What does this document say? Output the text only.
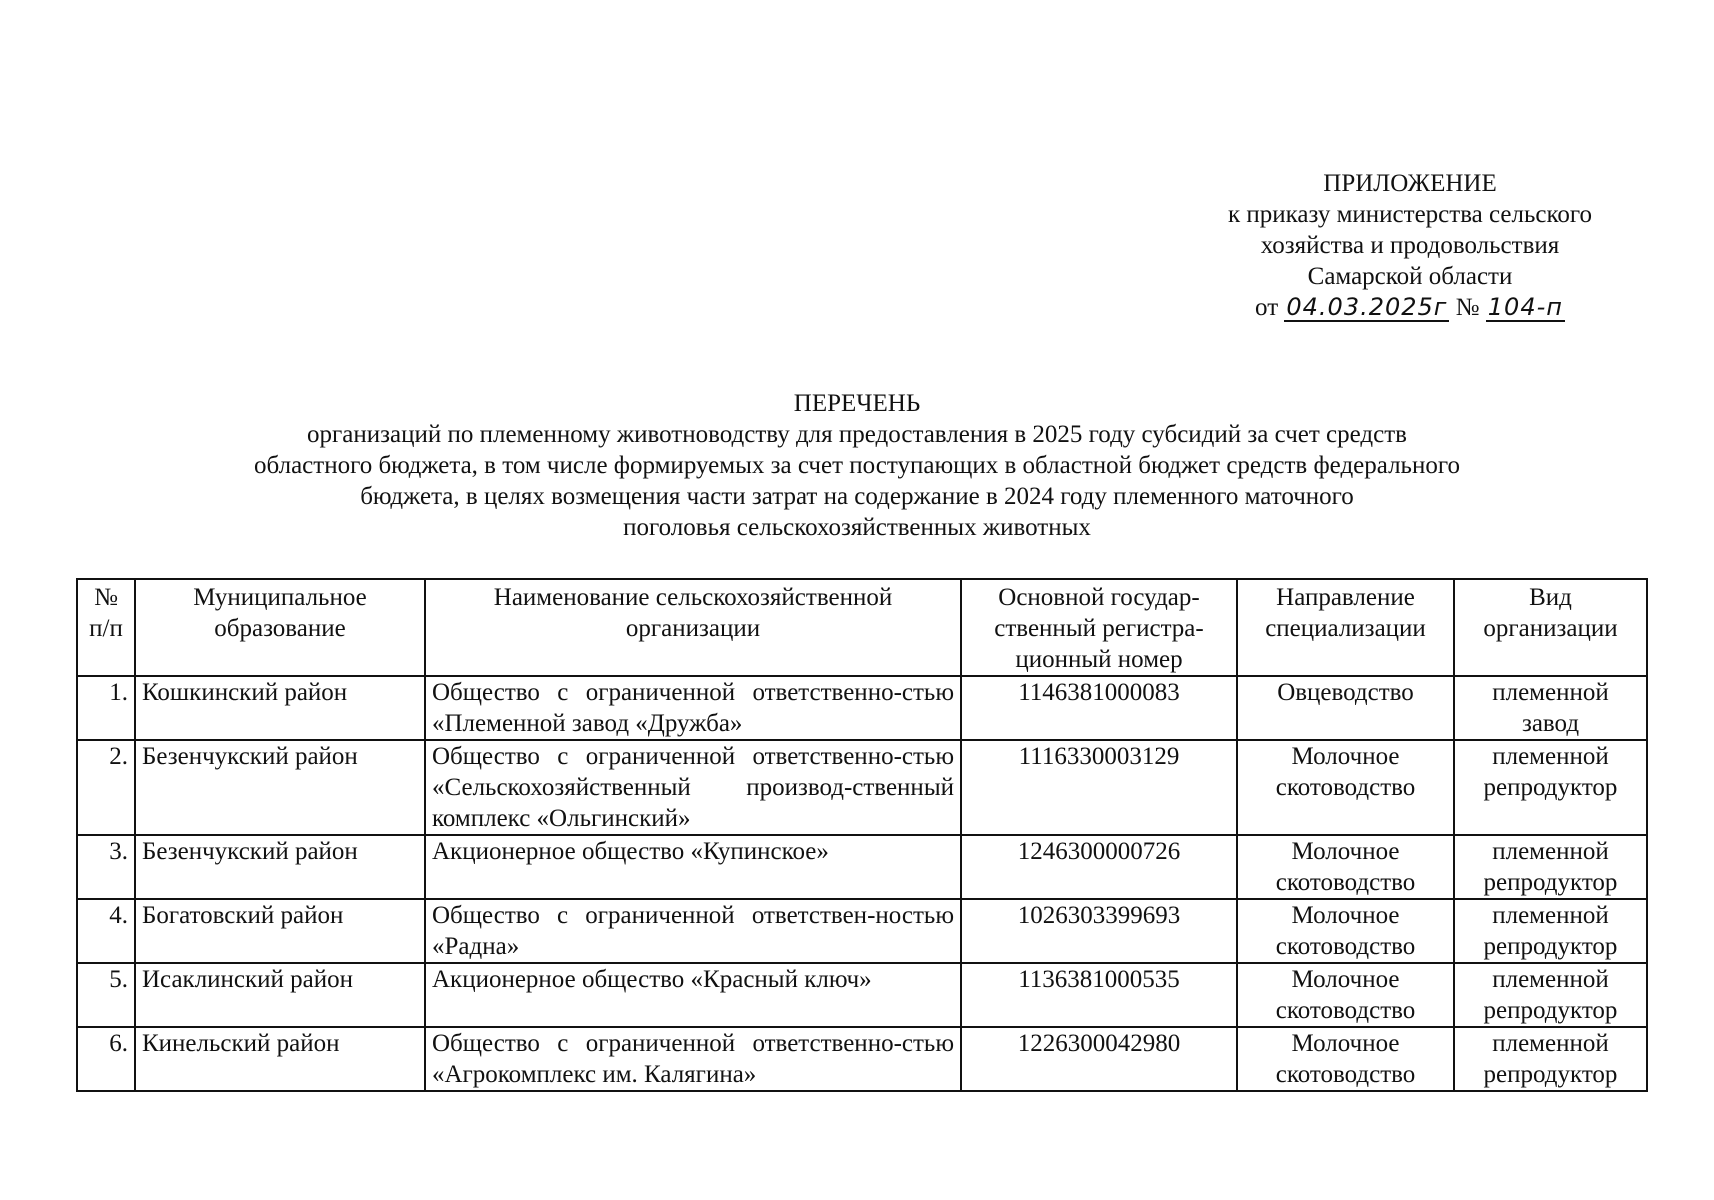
ПРИЛОЖЕНИЕ
к приказу министерства сельского
хозяйства и продовольствия
Самарской области
от 04.03.2025г № 104-п
ПЕРЕЧЕНЬ
организаций по племенному животноводству для предоставления в 2025 году субсидий за счет средств
областного бюджета, в том числе формируемых за счет поступающих в областной бюджет средств федерального
бюджета, в целях возмещения части затрат на содержание в 2024 году племенного маточного
поголовья сельскохозяйственных животных
№ п/п	Муниципальное образование	Наименование сельскохозяйственной организации	Основной государ-ственный регистра-ционный номер	Направление специализации	Вид организации
1.	Кошкинский район	Общество с ограниченной ответственно-стью «Племенной завод «Дружба»	1146381000083	Овцеводство	племенной завод
2.	Безенчукский район	Общество с ограниченной ответственно-стью «Сельскохозяйственный производ-ственный комплекс «Ольгинский»	1116330003129	Молочное скотоводство	племенной репродуктор
3.	Безенчукский район	Акционерное общество «Купинское»	1246300000726	Молочное скотоводство	племенной репродуктор
4.	Богатовский район	Общество с ограниченной ответствен-ностью «Радна»	1026303399693	Молочное скотоводство	племенной репродуктор
5.	Исаклинский район	Акционерное общество «Красный ключ»	1136381000535	Молочное скотоводство	племенной репродуктор
6.	Кинельский район	Общество с ограниченной ответственно-стью «Агрокомплекс им. Калягина»	1226300042980	Молочное скотоводство	племенной репродуктор
